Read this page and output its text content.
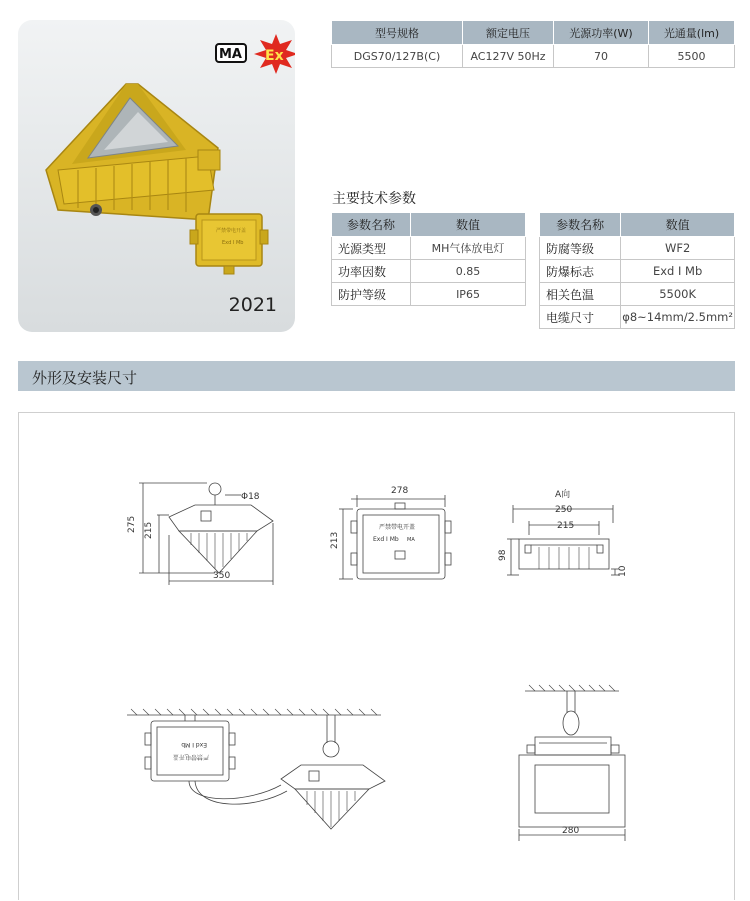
严禁带电开盖
Exd I Mb
MA Ex
2021
型号规格	额定电压	光源功率(W)	光通量(lm)
DGS70/127B(C)	AC127V 50Hz	70	5500
主要技术参数
参数名称	数值
光源类型	MH气体放电灯
功率因数	0.85
防护等级	IP65
参数名称	数值
防腐等级	WF2
防爆标志	Exd I Mb
相关色温	5500K
电缆尺寸	φ8~14mm/2.5mm²
外形及安装尺寸
275 215
350
Φ18
278
213
严禁带电开盖
Exd I Mb MA
A向
250
215
98
10
严禁带电开盖
Exd I Mb
280
